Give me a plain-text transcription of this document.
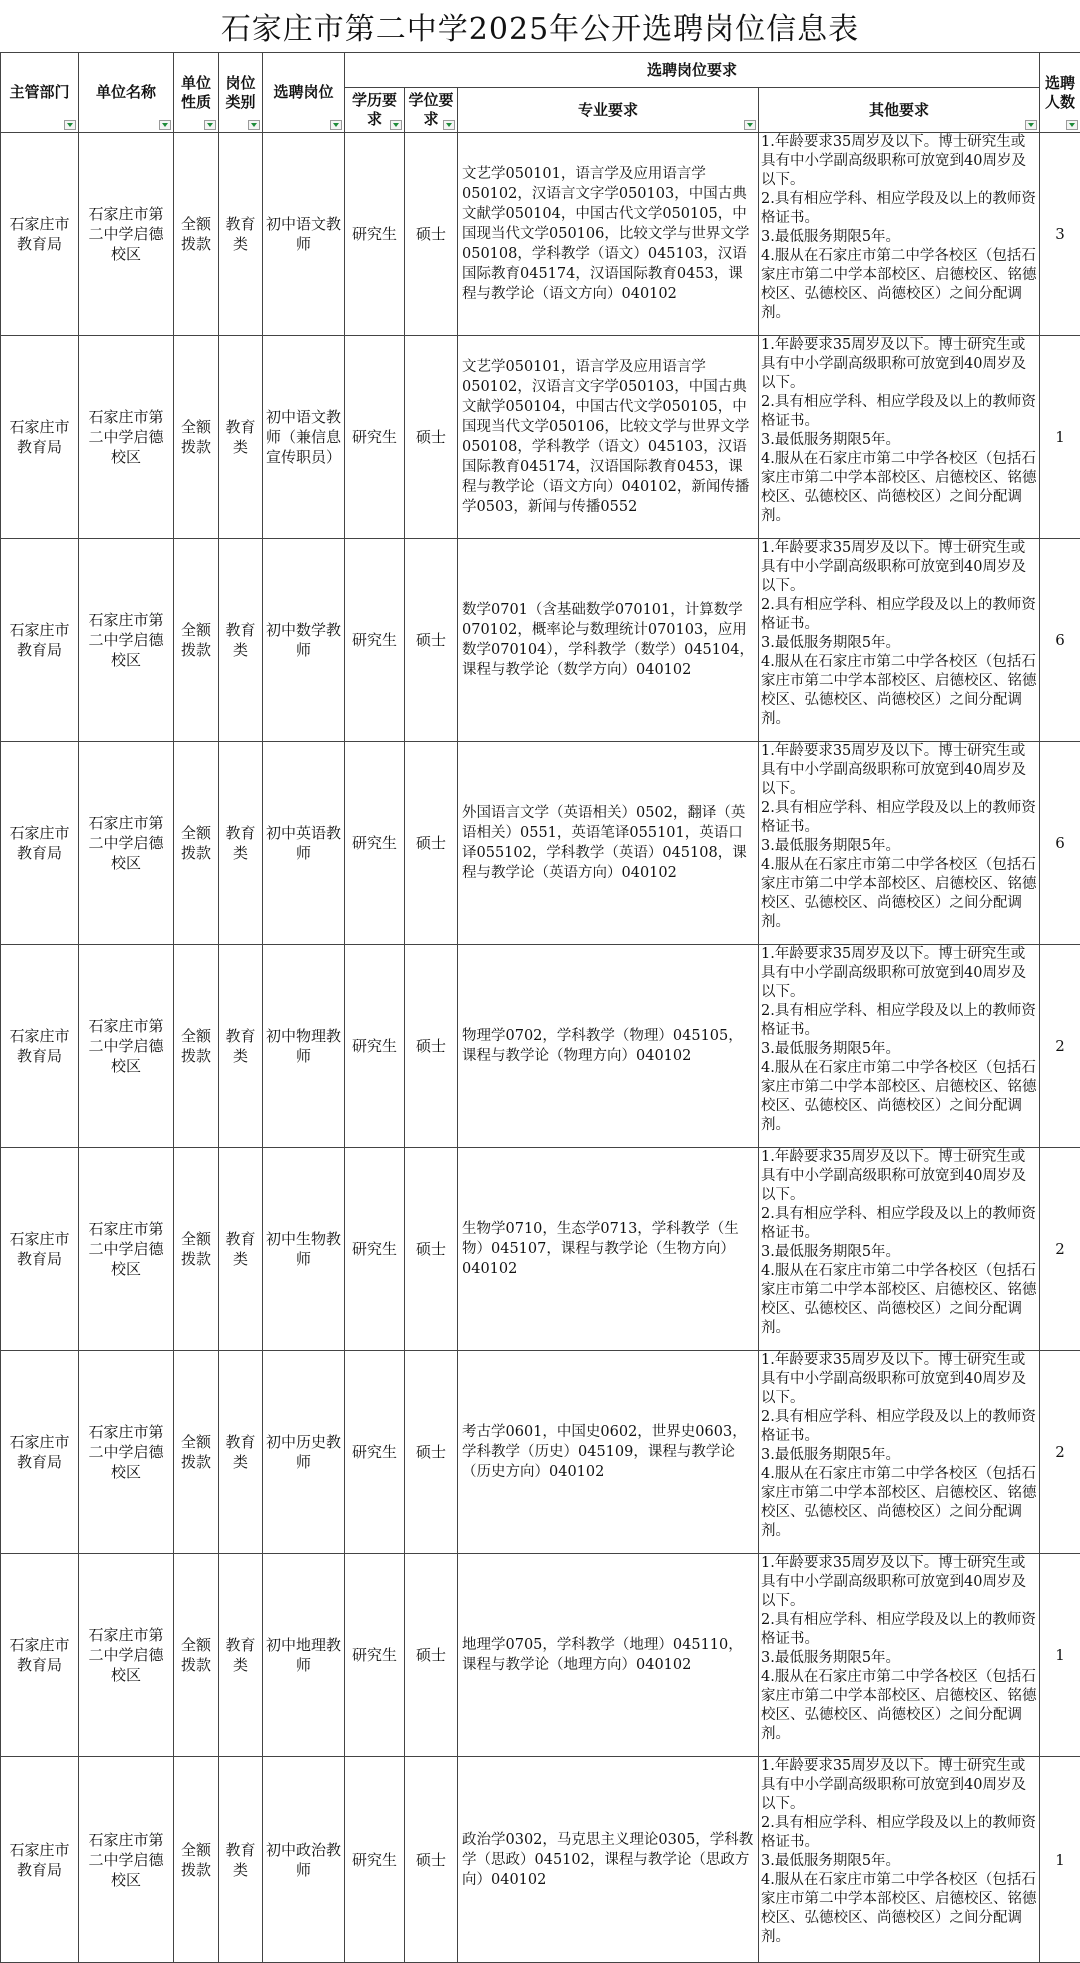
石家庄市第二中学2025年公开选聘岗位信息表
主管部门	单位名称	单位性质	岗位类别	选聘岗位	选聘岗位要求				选聘人数

					学历要求	学位要求	专业要求	其他要求	

石家庄市教育局	石家庄市第二中学启德校区	全额拨款	教育类	初中语文教师	研究生	硕士	文艺学050101，语言学及应用语言学050102，汉语言文字学050103，中国古典文献学050104，中国古代文学050105，中国现当代文学050106，比较文学与世界文学050108，学科教学（语文）045103，汉语国际教育045174，汉语国际教育0453，课程与教学论（语文方向）040102	1.年龄要求35周岁及以下。博士研究生或具有中小学副高级职称可放宽到40周岁及以下。
2.具有相应学科、相应学段及以上的教师资格证书。
3.最低服务期限5年。
4.服从在石家庄市第二中学各校区（包括石家庄市第二中学本部校区、启德校区、铭德校区、弘德校区、尚德校区）之间分配调剂。	3
石家庄市教育局	石家庄市第二中学启德校区	全额拨款	教育类	初中语文教师（兼信息宣传职员）	研究生	硕士	文艺学050101，语言学及应用语言学050102，汉语言文字学050103，中国古典文献学050104，中国古代文学050105，中国现当代文学050106，比较文学与世界文学050108，学科教学（语文）045103，汉语国际教育045174，汉语国际教育0453，课程与教学论（语文方向）040102，新闻传播学0503，新闻与传播0552	1.年龄要求35周岁及以下。博士研究生或具有中小学副高级职称可放宽到40周岁及以下。
2.具有相应学科、相应学段及以上的教师资格证书。
3.最低服务期限5年。
4.服从在石家庄市第二中学各校区（包括石家庄市第二中学本部校区、启德校区、铭德校区、弘德校区、尚德校区）之间分配调剂。	1
石家庄市教育局	石家庄市第二中学启德校区	全额拨款	教育类	初中数学教师	研究生	硕士	数学0701（含基础数学070101，计算数学070102，概率论与数理统计070103，应用数学070104），学科教学（数学）045104，课程与教学论（数学方向）040102	1.年龄要求35周岁及以下。博士研究生或具有中小学副高级职称可放宽到40周岁及以下。
2.具有相应学科、相应学段及以上的教师资格证书。
3.最低服务期限5年。
4.服从在石家庄市第二中学各校区（包括石家庄市第二中学本部校区、启德校区、铭德校区、弘德校区、尚德校区）之间分配调剂。	6
石家庄市教育局	石家庄市第二中学启德校区	全额拨款	教育类	初中英语教师	研究生	硕士	外国语言文学（英语相关）0502，翻译（英语相关）0551，英语笔译055101，英语口译055102，学科教学（英语）045108，课程与教学论（英语方向）040102	1.年龄要求35周岁及以下。博士研究生或具有中小学副高级职称可放宽到40周岁及以下。
2.具有相应学科、相应学段及以上的教师资格证书。
3.最低服务期限5年。
4.服从在石家庄市第二中学各校区（包括石家庄市第二中学本部校区、启德校区、铭德校区、弘德校区、尚德校区）之间分配调剂。	6
石家庄市教育局	石家庄市第二中学启德校区	全额拨款	教育类	初中物理教师	研究生	硕士	物理学0702，学科教学（物理）045105，课程与教学论（物理方向）040102	1.年龄要求35周岁及以下。博士研究生或具有中小学副高级职称可放宽到40周岁及以下。
2.具有相应学科、相应学段及以上的教师资格证书。
3.最低服务期限5年。
4.服从在石家庄市第二中学各校区（包括石家庄市第二中学本部校区、启德校区、铭德校区、弘德校区、尚德校区）之间分配调剂。	2
石家庄市教育局	石家庄市第二中学启德校区	全额拨款	教育类	初中生物教师	研究生	硕士	生物学0710，生态学0713，学科教学（生物）045107，课程与教学论（生物方向）040102	1.年龄要求35周岁及以下。博士研究生或具有中小学副高级职称可放宽到40周岁及以下。
2.具有相应学科、相应学段及以上的教师资格证书。
3.最低服务期限5年。
4.服从在石家庄市第二中学各校区（包括石家庄市第二中学本部校区、启德校区、铭德校区、弘德校区、尚德校区）之间分配调剂。	2
石家庄市教育局	石家庄市第二中学启德校区	全额拨款	教育类	初中历史教师	研究生	硕士	考古学0601，中国史0602，世界史0603，学科教学（历史）045109，课程与教学论（历史方向）040102	1.年龄要求35周岁及以下。博士研究生或具有中小学副高级职称可放宽到40周岁及以下。
2.具有相应学科、相应学段及以上的教师资格证书。
3.最低服务期限5年。
4.服从在石家庄市第二中学各校区（包括石家庄市第二中学本部校区、启德校区、铭德校区、弘德校区、尚德校区）之间分配调剂。	2
石家庄市教育局	石家庄市第二中学启德校区	全额拨款	教育类	初中地理教师	研究生	硕士	地理学0705，学科教学（地理）045110，课程与教学论（地理方向）040102	1.年龄要求35周岁及以下。博士研究生或具有中小学副高级职称可放宽到40周岁及以下。
2.具有相应学科、相应学段及以上的教师资格证书。
3.最低服务期限5年。
4.服从在石家庄市第二中学各校区（包括石家庄市第二中学本部校区、启德校区、铭德校区、弘德校区、尚德校区）之间分配调剂。	1
石家庄市教育局	石家庄市第二中学启德校区	全额拨款	教育类	初中政治教师	研究生	硕士	政治学0302，马克思主义理论0305，学科教学（思政）045102，课程与教学论（思政方向）040102	1.年龄要求35周岁及以下。博士研究生或具有中小学副高级职称可放宽到40周岁及以下。
2.具有相应学科、相应学段及以上的教师资格证书。
3.最低服务期限5年。
4.服从在石家庄市第二中学各校区（包括石家庄市第二中学本部校区、启德校区、铭德校区、弘德校区、尚德校区）之间分配调剂。	1
